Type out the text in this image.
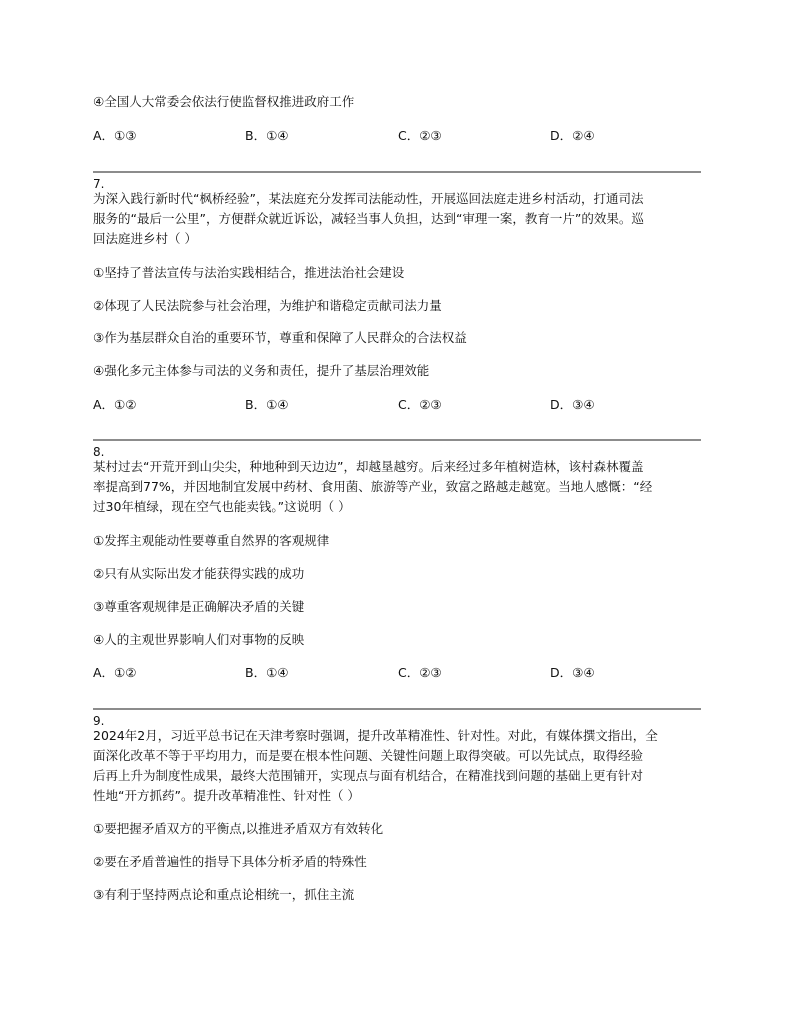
④全国人大常委会依法行使监督权推进政府工作
A．①③	B．①④	C．②③	D．②④
7.

为深入践行新时代“枫桥经验”，某法庭充分发挥司法能动性，开展巡回法庭走进乡村活动，打通司法

服务的“最后一公里”，方便群众就近诉讼，减轻当事人负担，达到“审理一案，教育一片”的效果。巡

回法庭进乡村（ ）

①坚持了普法宣传与法治实践相结合，推进法治社会建设
②体现了人民法院参与社会治理，为维护和谐稳定贡献司法力量
③作为基层群众自治的重要环节，尊重和保障了人民群众的合法权益
④强化多元主体参与司法的义务和责任，提升了基层治理效能
A．①②	B．①④	C．②③	D．③④
8.

某村过去“开荒开到山尖尖，种地种到天边边”，却越垦越穷。后来经过多年植树造林，该村森林覆盖

率提高到77%，并因地制宜发展中药材、食用菌、旅游等产业，致富之路越走越宽。当地人感慨：“经

过30年植绿，现在空气也能卖钱。”这说明（ ）

①发挥主观能动性要尊重自然界的客观规律
②只有从实际出发才能获得实践的成功
③尊重客观规律是正确解决矛盾的关键
④人的主观世界影响人们对事物的反映
A．①②	B．①④	C．②③	D．③④
9.

2024年2月，习近平总书记在天津考察时强调，提升改革精准性、针对性。对此，有媒体撰文指出，全

面深化改革不等于平均用力，而是要在根本性问题、关键性问题上取得突破。可以先试点，取得经验

后再上升为制度性成果，最终大范围铺开，实现点与面有机结合，在精准找到问题的基础上更有针对

性地“开方抓药”。提升改革精准性、针对性（ ）

①要把握矛盾双方的平衡点,以推进矛盾双方有效转化
②要在矛盾普遍性的指导下具体分析矛盾的特殊性
③有利于坚持两点论和重点论相统一，抓住主流
